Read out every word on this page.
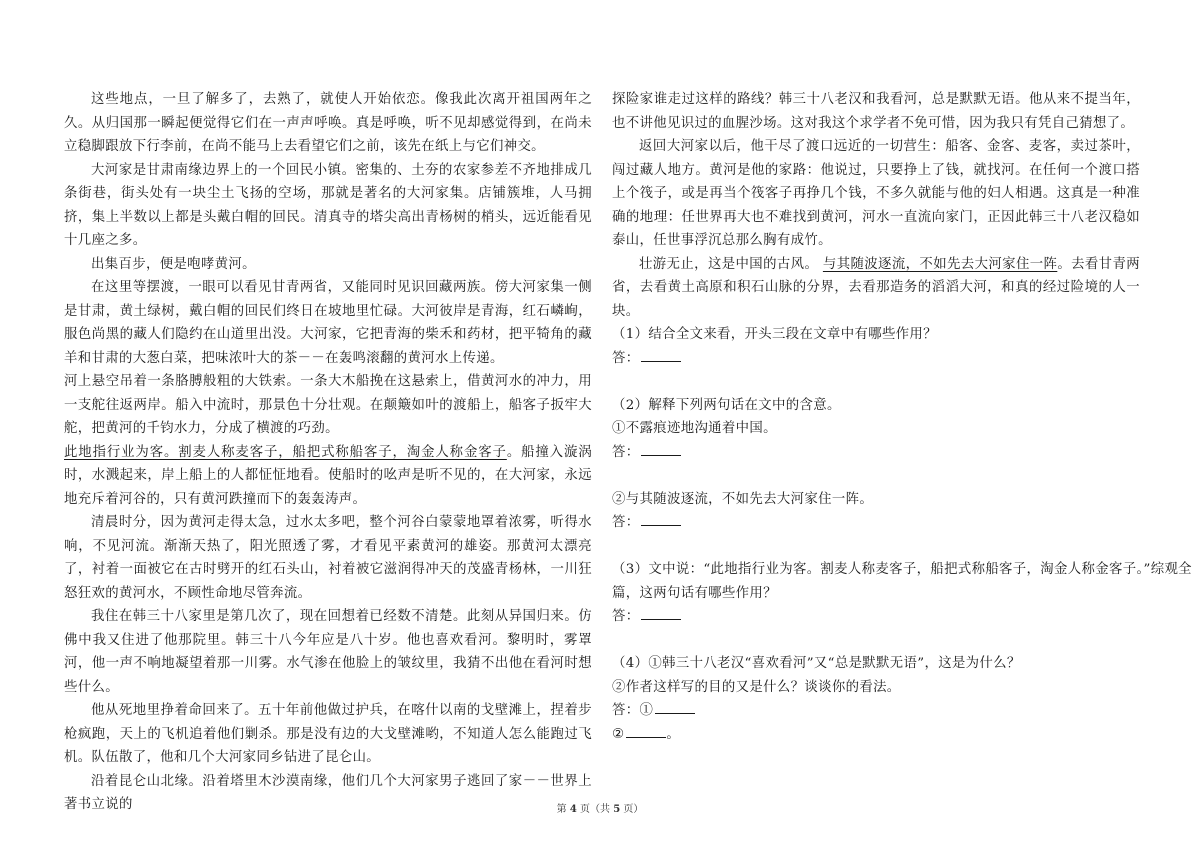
这些地点，一旦了解多了，去熟了，就使人开始依恋。像我此次离开祖国两年之久。从归国那一瞬起便觉得它们在一声声呼唤。真是呼唤，听不见却感觉得到，在尚未立稳脚跟放下行李前，在尚不能马上去看望它们之前，该先在纸上与它们神交。
大河家是甘肃南缘边界上的一个回民小镇。密集的、土夯的农家参差不齐地排成几条街巷，街头处有一块尘土飞扬的空场，那就是著名的大河家集。店铺簇堆，人马拥挤，集上半数以上都是头戴白帽的回民。清真寺的塔尖高出青杨树的梢头，远近能看见十几座之多。
出集百步，便是咆哮黄河。
在这里等摆渡，一眼可以看见甘青两省，又能同时见识回藏两族。傍大河家集一侧是甘肃，黄土绿树，戴白帽的回民们终日在坡地里忙碌。大河彼岸是青海，红石嶙峋，服色尚黑的藏人们隐约在山道里出没。大河家，它把青海的柴禾和药材，把平犄角的藏羊和甘肃的大葱白菜，把味浓叶大的茶－－在轰鸣滚翻的黄河水上传递。
河上悬空吊着一条胳膊般粗的大铁索。一条大木船挽在这悬索上，借黄河水的冲力，用一支舵往返两岸。船入中流时，那景色十分壮观。在颠簸如叶的渡船上，船客子扳牢大舵，把黄河的千钧水力，分成了横渡的巧劲。
此地指行业为客。割麦人称麦客子，船把式称船客子，淘金人称金客子。船撞入漩涡时，水溅起来，岸上船上的人都怔怔地看。使船时的吆声是听不见的，在大河家，永远地充斥着河谷的，只有黄河跌撞而下的轰轰涛声。
清晨时分，因为黄河走得太急，过水太多吧，整个河谷白蒙蒙地罩着浓雾，听得水响，不见河流。渐渐天热了，阳光照透了雾，才看见平素黄河的雄姿。那黄河太漂亮了，衬着一面被它在古时劈开的红石头山，衬着被它滋润得冲天的茂盛青杨林，一川狂怒狂欢的黄河水，不顾性命地尽管奔流。
我住在韩三十八家里是第几次了，现在回想着已经数不清楚。此刻从异国归来。仿佛中我又住进了他那院里。韩三十八今年应是八十岁。他也喜欢看河。黎明时，雾罩河，他一声不响地凝望着那一川雾。水气渗在他脸上的皱纹里，我猜不出他在看河时想些什么。
他从死地里挣着命回来了。五十年前他做过护兵，在喀什以南的戈壁滩上，捏着步枪疯跑，天上的飞机追着他们剿杀。那是没有边的大戈壁滩哟，不知道人怎么能跑过飞机。队伍散了，他和几个大河家同乡钻进了昆仑山。
沿着昆仑山北缘。沿着塔里木沙漠南缘，他们几个大河家男子逃回了家－－世界上著书立说的
探险家谁走过这样的路线？韩三十八老汉和我看河，总是默默无语。他从来不提当年，也不讲他见识过的血腥沙场。这对我这个求学者不免可惜，因为我只有凭自己猜想了。
返回大河家以后，他干尽了渡口远近的一切营生：船客、金客、麦客，卖过茶叶，闯过藏人地方。黄河是他的家路：他说过，只要挣上了钱，就找河。在任何一个渡口搭上个筏子，或是再当个筏客子再挣几个钱，不多久就能与他的妇人相遇。这真是一种准确的地理：任世界再大也不难找到黄河，河水一直流向家门，正因此韩三十八老汉稳如泰山，任世事浮沉总那么胸有成竹。
壮游无止，这是中国的古风。 与其随波逐流，不如先去大河家住一阵。去看甘青两省，去看黄土高原和积石山脉的分界，去看那造务的滔滔大河，和真的经过险境的人一块。

（1）结合全文来看，开头三段在文章中有哪些作用？

答：

（2）解释下列两句话在文中的含意。

①不露痕迹地沟通着中国。

答：

②与其随波逐流，不如先去大河家住一阵。

答：

（3）文中说：“此地指行业为客。割麦人称麦客子，船把式称船客子，淘金人称金客子。”综观全

篇，这两句话有哪些作用？

答：

（4）①韩三十八老汉“喜欢看河”又“总是默默无语”，这是为什么？

②作者这样写的目的又是什么？谈谈你的看法。

答：①

②	。

第 4 页（共 5 页）
